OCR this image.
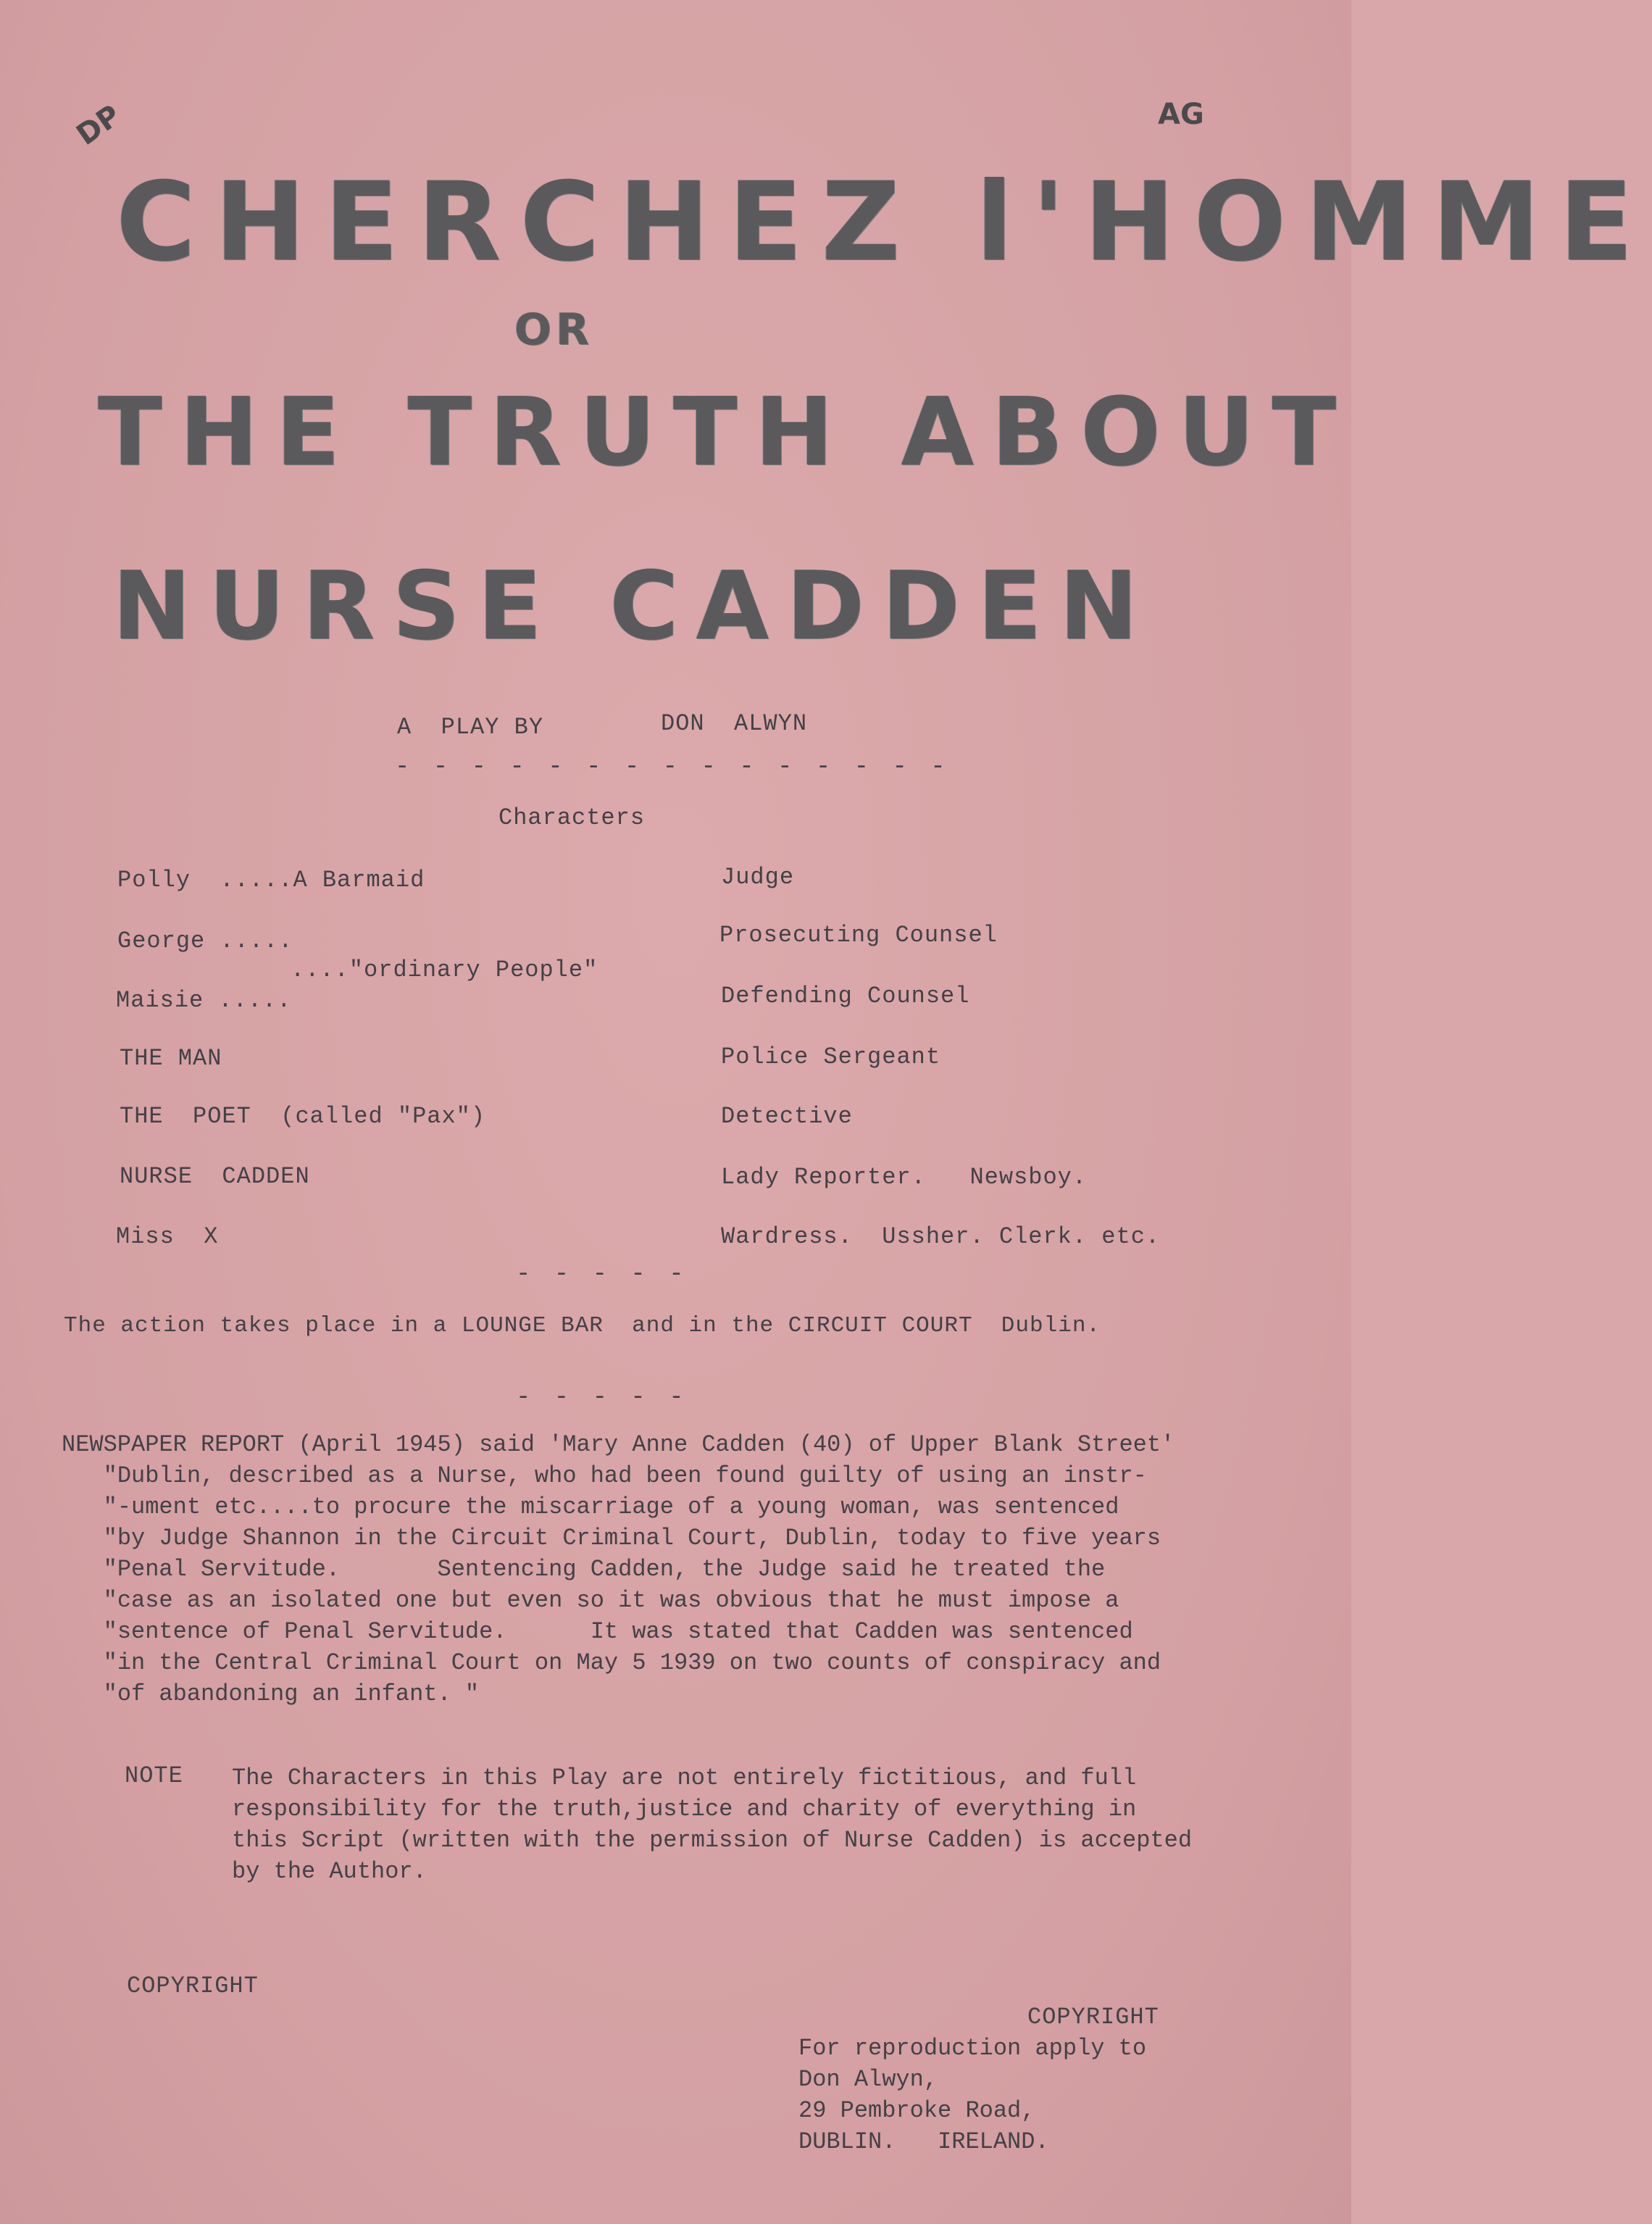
DP	AG
CHERCHEZ l'HOMME
OR
THE TRUTH ABOUT
NURSE CADDEN
A  PLAY BY	DON  ALWYN
- - - - - - - - - - - - - - -
Characters
Polly  .....A Barmaid
George .....
...."ordinary People"
Maisie .....
THE MAN
THE  POET  (called "Pax")
NURSE  CADDEN
Miss  X
Judge
Prosecuting Counsel
Defending Counsel
Police Sergeant
Detective
Lady Reporter.   Newsboy.
Wardress.  Ussher. Clerk. etc.
- - - - -
The action takes place in a LOUNGE BAR  and in the CIRCUIT COURT  Dublin.
- - - - -
NEWSPAPER REPORT (April 1945) said 'Mary Anne Cadden (40) of Upper Blank Street'
"Dublin, described as a Nurse, who had been found guilty of using an instr-
"-ument etc....to procure the miscarriage of a young woman, was sentenced
"by Judge Shannon in the Circuit Criminal Court, Dublin, today to five years
"Penal Servitude.       Sentencing Cadden, the Judge said he treated the
"case as an isolated one but even so it was obvious that he must impose a
"sentence of Penal Servitude.      It was stated that Cadden was sentenced
"in the Central Criminal Court on May 5 1939 on two counts of conspiracy and
"of abandoning an infant. "
NOTE The Characters in this Play are not entirely fictitious, and full
responsibility for the truth,justice and charity of everything in
this Script (written with the permission of Nurse Cadden) is accepted
by the Author.
COPYRIGHT
COPYRIGHT
For reproduction apply to
Don Alwyn,
29 Pembroke Road,
DUBLIN.   IRELAND.
